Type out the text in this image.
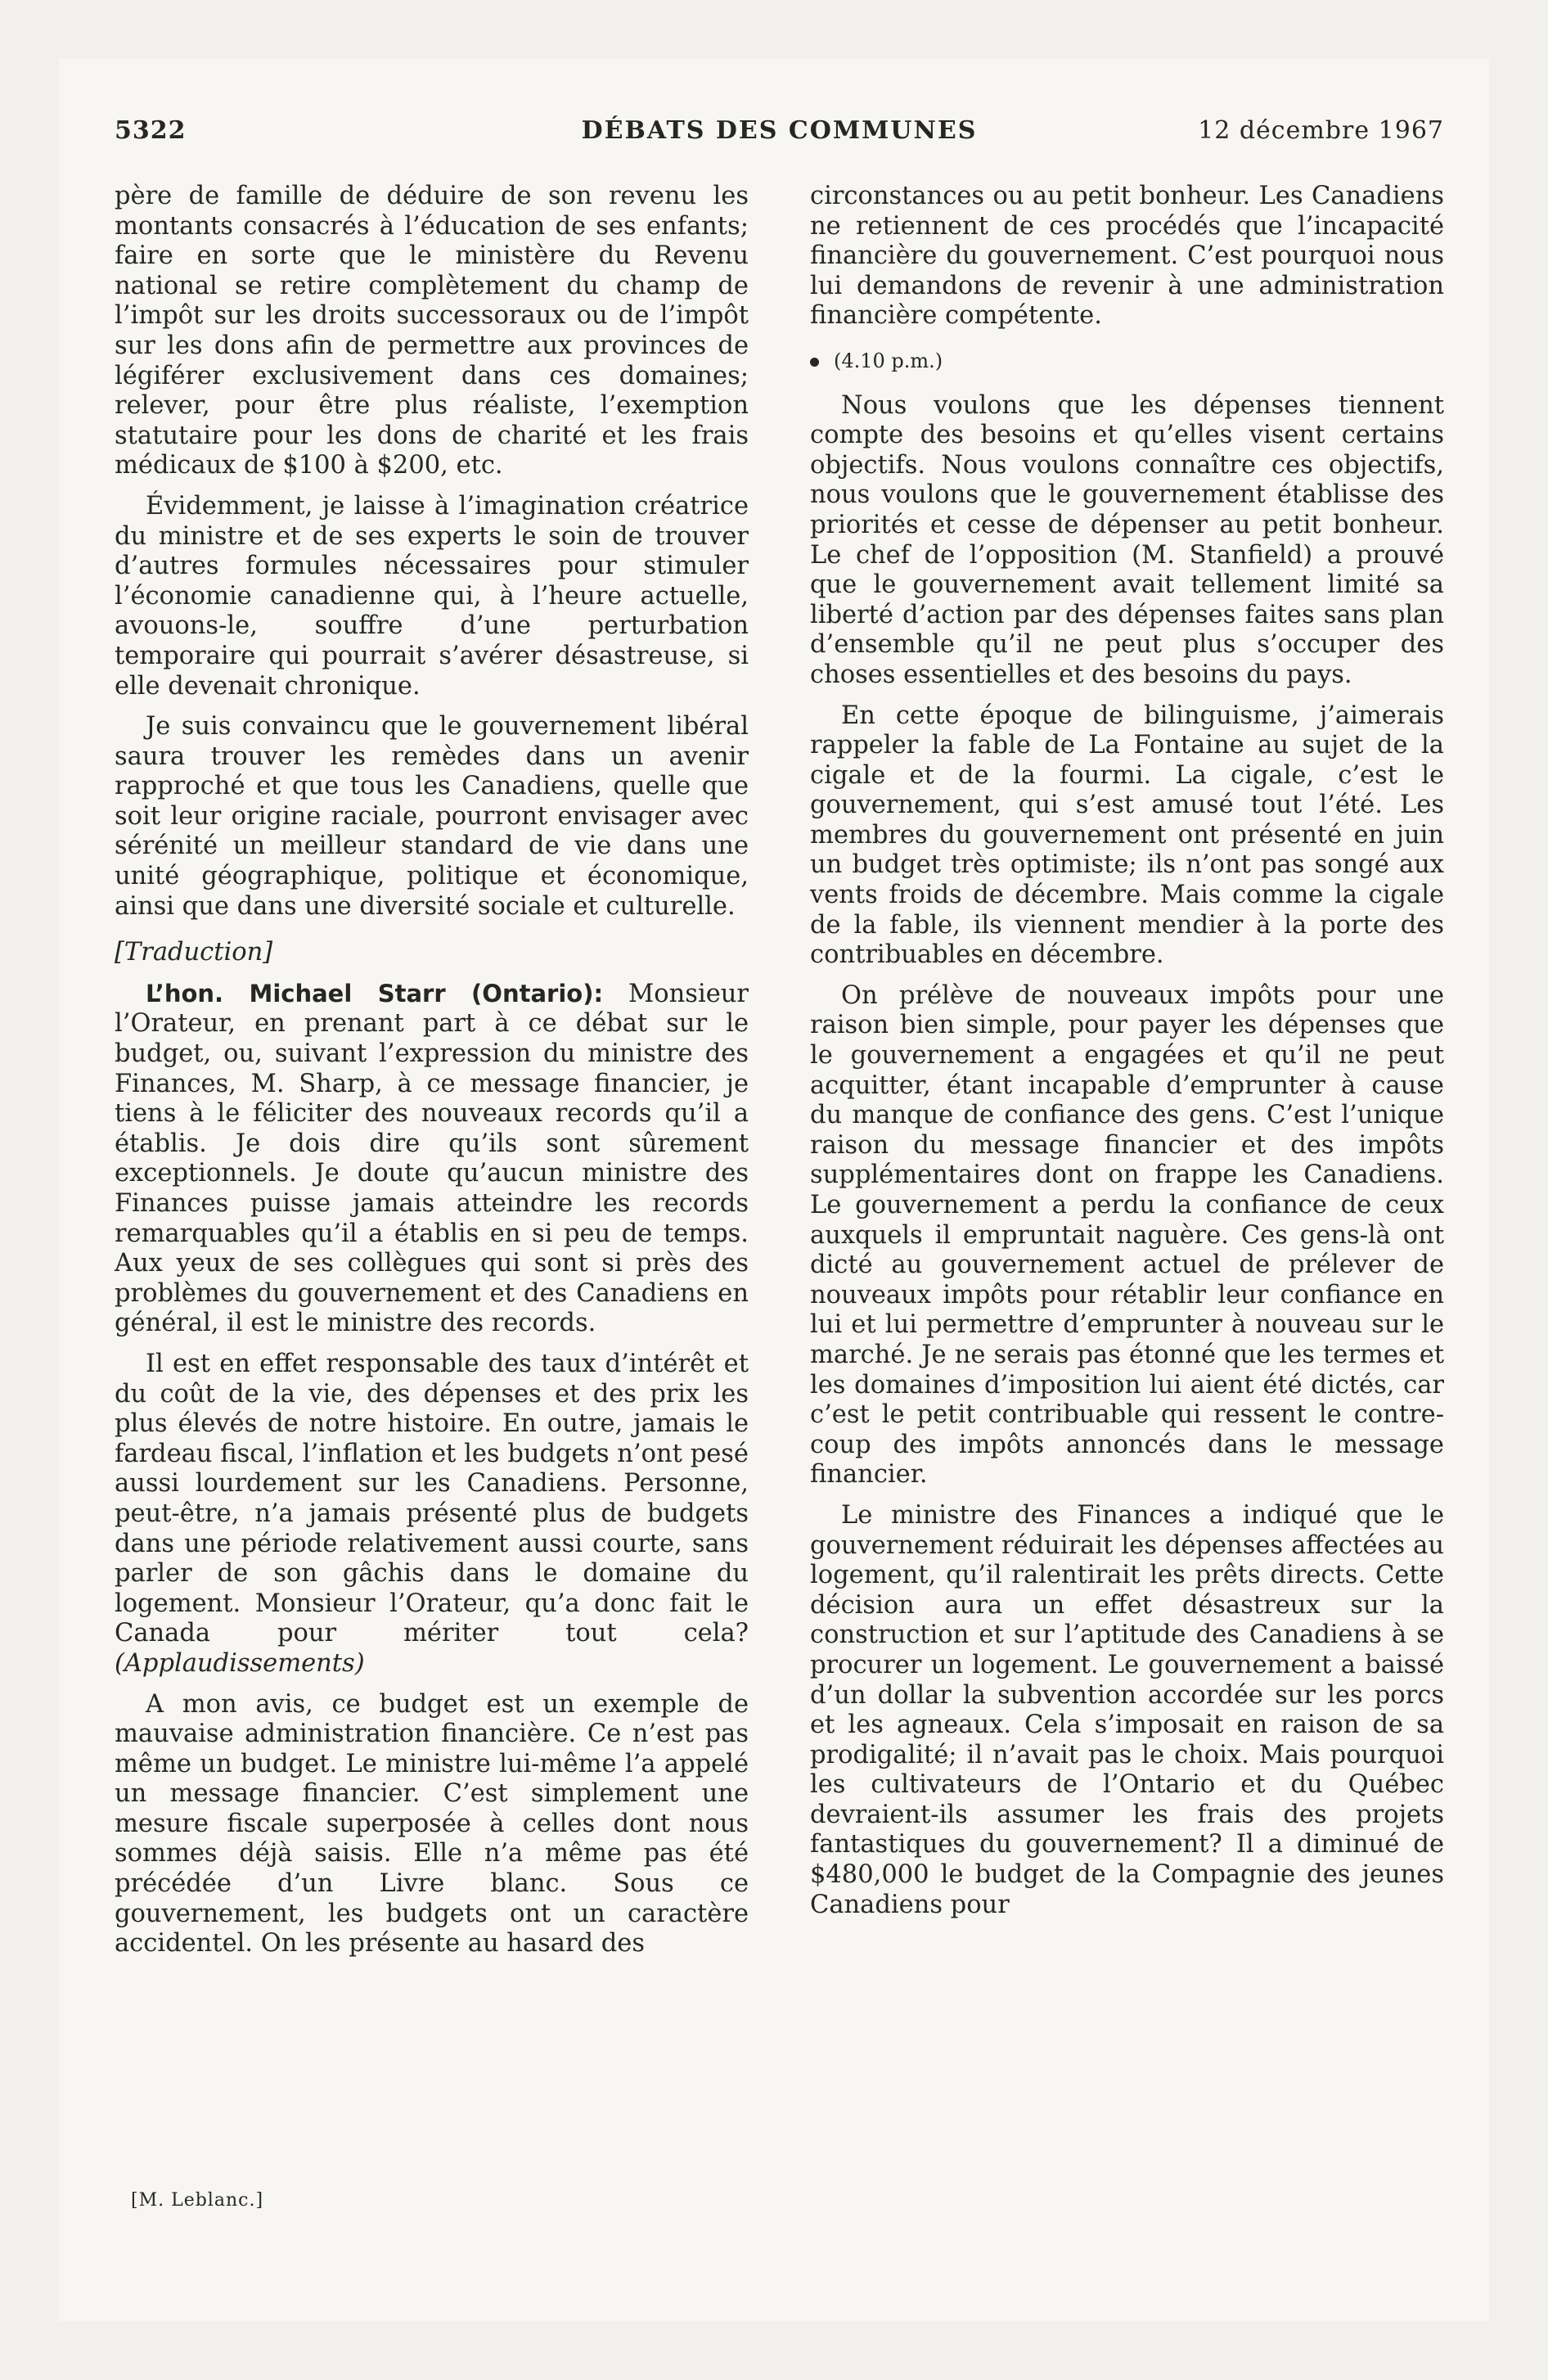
5322	DÉBATS DES COMMUNES	12 décembre 1967

père de famille de déduire de son revenu les montants consacrés à l’éducation de ses enfants; faire en sorte que le ministère du Revenu national se retire complètement du champ de l’impôt sur les droits successoraux ou de l’impôt sur les dons afin de permettre aux provinces de légiférer exclusivement dans ces domaines; relever, pour être plus réaliste, l’exemption statutaire pour les dons de charité et les frais médicaux de $100 à $200, etc.

Évidemment, je laisse à l’imagination créatrice du ministre et de ses experts le soin de trouver d’autres formules nécessaires pour stimuler l’économie canadienne qui, à l’heure actuelle, avouons-le, souffre d’une perturbation temporaire qui pourrait s’avérer désastreuse, si elle devenait chronique.

Je suis convaincu que le gouvernement libéral saura trouver les remèdes dans un avenir rapproché et que tous les Canadiens, quelle que soit leur origine raciale, pourront envisager avec sérénité un meilleur standard de vie dans une unité géographique, politique et économique, ainsi que dans une diversité sociale et culturelle.

[Traduction]

L’hon. Michael Starr (Ontario): Monsieur l’Orateur, en prenant part à ce débat sur le budget, ou, suivant l’expression du ministre des Finances, M. Sharp, à ce message financier, je tiens à le féliciter des nouveaux records qu’il a établis. Je dois dire qu’ils sont sûrement exceptionnels. Je doute qu’aucun ministre des Finances puisse jamais atteindre les records remarquables qu’il a établis en si peu de temps. Aux yeux de ses collègues qui sont si près des problèmes du gouvernement et des Canadiens en général, il est le ministre des records.

Il est en effet responsable des taux d’intérêt et du coût de la vie, des dépenses et des prix les plus élevés de notre histoire. En outre, jamais le fardeau fiscal, l’inflation et les budgets n’ont pesé aussi lourdement sur les Canadiens. Personne, peut-être, n’a jamais présenté plus de budgets dans une période relativement aussi courte, sans parler de son gâchis dans le domaine du logement. Monsieur l’Orateur, qu’a donc fait le Canada pour mériter tout cela? (Applaudissements)

A mon avis, ce budget est un exemple de mauvaise administration financière. Ce n’est pas même un budget. Le ministre lui-même l’a appelé un message financier. C’est simplement une mesure fiscale superposée à celles dont nous sommes déjà saisis. Elle n’a même pas été précédée d’un Livre blanc. Sous ce gouvernement, les budgets ont un caractère accidentel. On les présente au hasard des

circonstances ou au petit bonheur. Les Canadiens ne retiennent de ces procédés que l’incapacité financière du gouvernement. C’est pourquoi nous lui demandons de revenir à une administration financière compétente.

(4.10 p.m.)

Nous voulons que les dépenses tiennent compte des besoins et qu’elles visent certains objectifs. Nous voulons connaître ces objectifs, nous voulons que le gouvernement établisse des priorités et cesse de dépenser au petit bonheur. Le chef de l’opposition (M. Stanfield) a prouvé que le gouvernement avait tellement limité sa liberté d’action par des dépenses faites sans plan d’ensemble qu’il ne peut plus s’occuper des choses essentielles et des besoins du pays.

En cette époque de bilinguisme, j’aimerais rappeler la fable de La Fontaine au sujet de la cigale et de la fourmi. La cigale, c’est le gouvernement, qui s’est amusé tout l’été. Les membres du gouvernement ont présenté en juin un budget très optimiste; ils n’ont pas songé aux vents froids de décembre. Mais comme la cigale de la fable, ils viennent mendier à la porte des contribuables en décembre.

On prélève de nouveaux impôts pour une raison bien simple, pour payer les dépenses que le gouvernement a engagées et qu’il ne peut acquitter, étant incapable d’emprunter à cause du manque de confiance des gens. C’est l’unique raison du message financier et des impôts supplémentaires dont on frappe les Canadiens. Le gouvernement a perdu la confiance de ceux auxquels il empruntait naguère. Ces gens-là ont dicté au gouvernement actuel de prélever de nouveaux impôts pour rétablir leur confiance en lui et lui permettre d’emprunter à nouveau sur le marché. Je ne serais pas étonné que les termes et les domaines d’imposition lui aient été dictés, car c’est le petit contribuable qui ressent le contre-coup des impôts annoncés dans le message financier.

Le ministre des Finances a indiqué que le gouvernement réduirait les dépenses affectées au logement, qu’il ralentirait les prêts directs. Cette décision aura un effet désastreux sur la construction et sur l’aptitude des Canadiens à se procurer un logement. Le gouvernement a baissé d’un dollar la subvention accordée sur les porcs et les agneaux. Cela s’imposait en raison de sa prodigalité; il n’avait pas le choix. Mais pourquoi les cultivateurs de l’Ontario et du Québec devraient-ils assumer les frais des projets fantastiques du gouvernement? Il a diminué de $480,000 le budget de la Compagnie des jeunes Canadiens pour

[M. Leblanc.]
